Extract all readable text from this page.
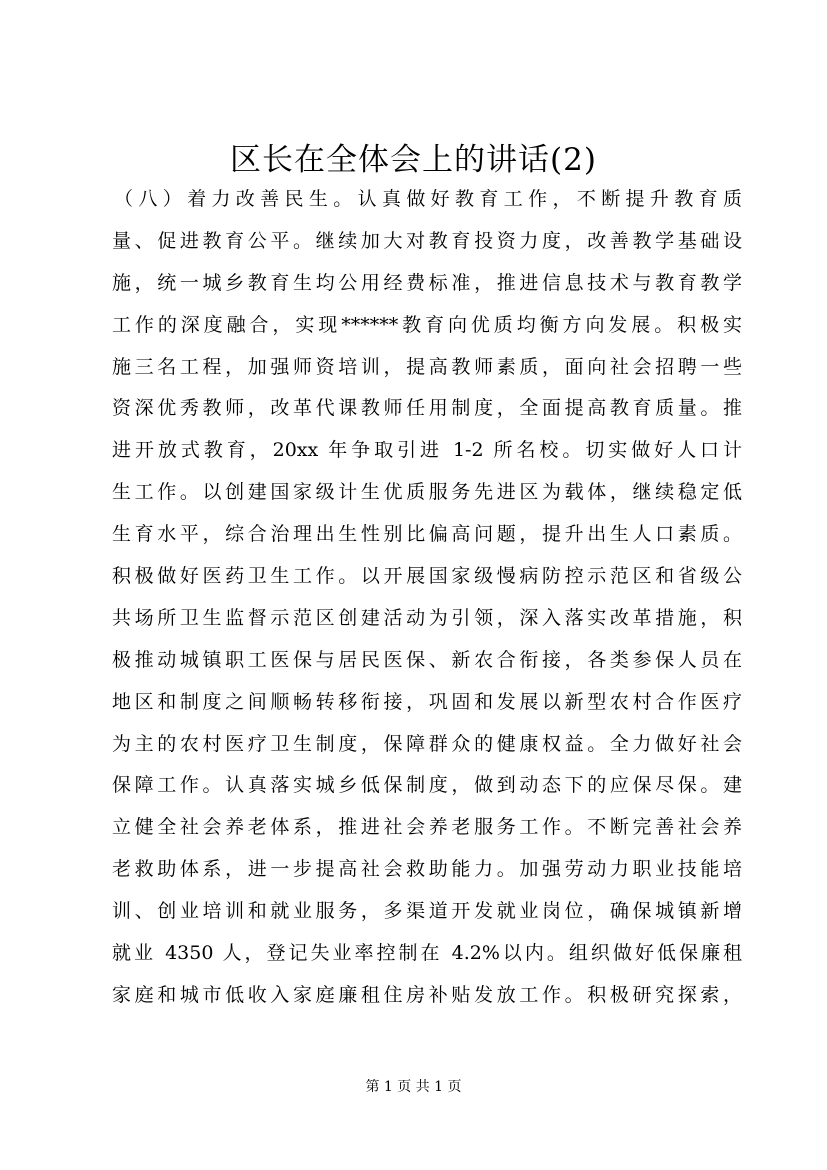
区长在全体会上的讲话(2)
（八）着力改善民生。认真做好教育工作，不断提升教育质
量、促进教育公平。继续加大对教育投资力度，改善教学基础设
施，统一城乡教育生均公用经费标准，推进信息技术与教育教学
工作的深度融合，实现******教育向优质均衡方向发展。积极实
施三名工程，加强师资培训，提高教师素质，面向社会招聘一些
资深优秀教师，改革代课教师任用制度，全面提高教育质量。推
进开放式教育，20xx 年争取引进 1-2 所名校。切实做好人口计
生工作。以创建国家级计生优质服务先进区为载体，继续稳定低
生育水平，综合治理出生性别比偏高问题，提升出生人口素质。
积极做好医药卫生工作。以开展国家级慢病防控示范区和省级公
共场所卫生监督示范区创建活动为引领，深入落实改革措施，积
极推动城镇职工医保与居民医保、新农合衔接，各类参保人员在
地区和制度之间顺畅转移衔接，巩固和发展以新型农村合作医疗
为主的农村医疗卫生制度，保障群众的健康权益。全力做好社会
保障工作。认真落实城乡低保制度，做到动态下的应保尽保。建
立健全社会养老体系，推进社会养老服务工作。不断完善社会养
老救助体系，进一步提高社会救助能力。加强劳动力职业技能培
训、创业培训和就业服务，多渠道开发就业岗位，确保城镇新增
就业 4350 人，登记失业率控制在 4.2%以内。组织做好低保廉租
家庭和城市低收入家庭廉租住房补贴发放工作。积极研究探索，
第 1 页 共 1 页
